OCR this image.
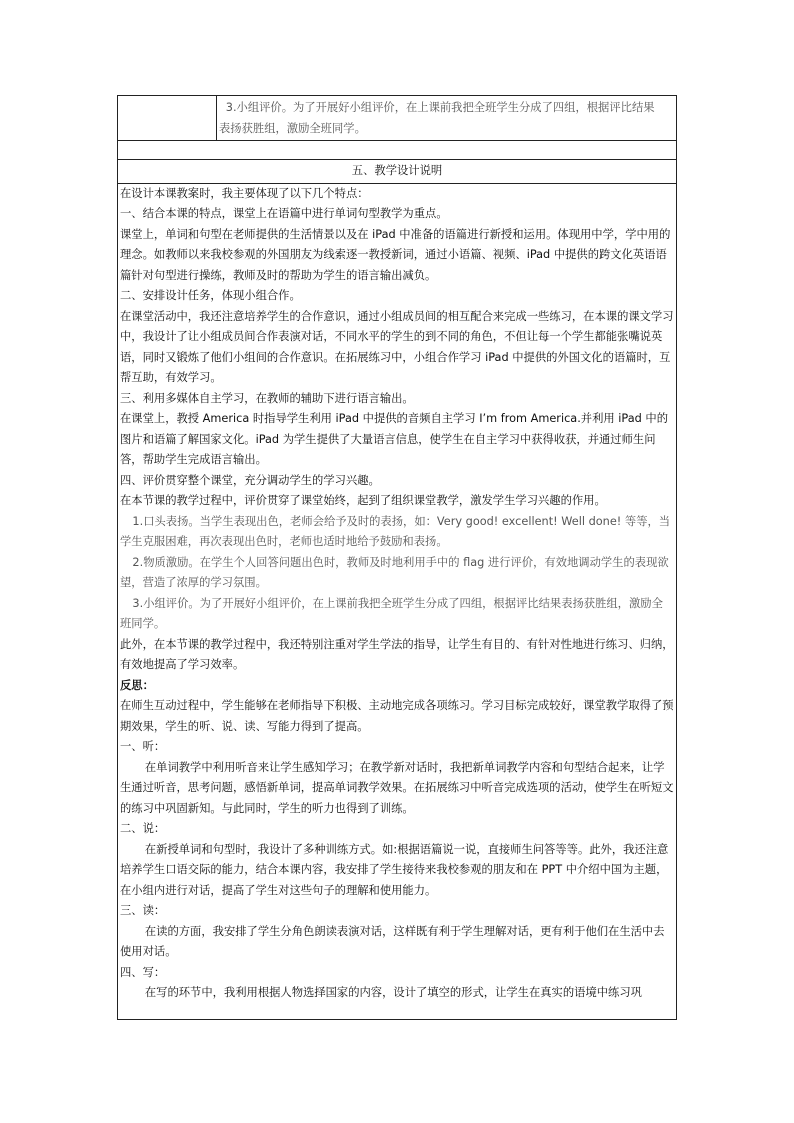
3.小组评价。为了开展好小组评价，在上课前我把全班学生分成了四组，根据评比结果

表扬获胜组，激励全班同学。

五、教学设计说明

在设计本课教案时，我主要体现了以下几个特点：

一、结合本课的特点，课堂上在语篇中进行单词句型教学为重点。

课堂上，单词和句型在老师提供的生活情景以及在 iPad 中准备的语篇进行新授和运用。体现用中学，学中用的理念。如教师以来我校参观的外国朋友为线索逐一教授新词，通过小语篇、视频、iPad 中提供的跨文化英语语篇针对句型进行操练，教师及时的帮助为学生的语言输出减负。

二、安排设计任务，体现小组合作。

在课堂活动中，我还注意培养学生的合作意识，通过小组成员间的相互配合来完成一些练习，在本课的课文学习中，我设计了让小组成员间合作表演对话，不同水平的学生的到不同的角色，不但让每一个学生都能张嘴说英语，同时又锻炼了他们小组间的合作意识。在拓展练习中，小组合作学习 iPad 中提供的外国文化的语篇时，互帮互助，有效学习。

三、利用多媒体自主学习，在教师的辅助下进行语言输出。

在课堂上，教授 America 时指导学生利用 iPad 中提供的音频自主学习 I’m from America.并利用 iPad 中的图片和语篇了解国家文化。iPad 为学生提供了大量语言信息，使学生在自主学习中获得收获，并通过师生问答，帮助学生完成语言输出。

四、评价贯穿整个课堂，充分调动学生的学习兴趣。

在本节课的教学过程中，评价贯穿了课堂始终，起到了组织课堂教学，激发学生学习兴趣的作用。

1.口头表扬。当学生表现出色，老师会给予及时的表扬，如：Very good! excellent! Well done! 等等，当学生克服困难，再次表现出色时，老师也适时地给予鼓励和表扬。

2.物质激励。在学生个人回答问题出色时，教师及时地利用手中的 flag 进行评价，有效地调动学生的表现欲望，营造了浓厚的学习氛围。

3.小组评价。为了开展好小组评价，在上课前我把全班学生分成了四组，根据评比结果表扬获胜组，激励全班同学。

此外，在本节课的教学过程中，我还特别注重对学生学法的指导，让学生有目的、有针对性地进行练习、归纳，有效地提高了学习效率。

反思：

在师生互动过程中，学生能够在老师指导下积极、主动地完成各项练习。学习目标完成较好，课堂教学取得了预期效果，学生的听、说、读、写能力得到了提高。

一、听：

在单词教学中利用听音来让学生感知学习；在教学新对话时，我把新单词教学内容和句型结合起来，让学生通过听音，思考问题，感悟新单词，提高单词教学效果。在拓展练习中听音完成选项的活动，使学生在听短文的练习中巩固新知。与此同时，学生的听力也得到了训练。

二、说：

在新授单词和句型时，我设计了多种训练方式。如:根据语篇说一说，直接师生问答等等。此外，我还注意培养学生口语交际的能力，结合本课内容，我安排了学生接待来我校参观的朋友和在 PPT 中介绍中国为主题，在小组内进行对话，提高了学生对这些句子的理解和使用能力。

三、读：

在读的方面，我安排了学生分角色朗读表演对话，这样既有利于学生理解对话，更有利于他们在生活中去使用对话。

四、写：

在写的环节中，我利用根据人物选择国家的内容，设计了填空的形式，让学生在真实的语境中练习巩
